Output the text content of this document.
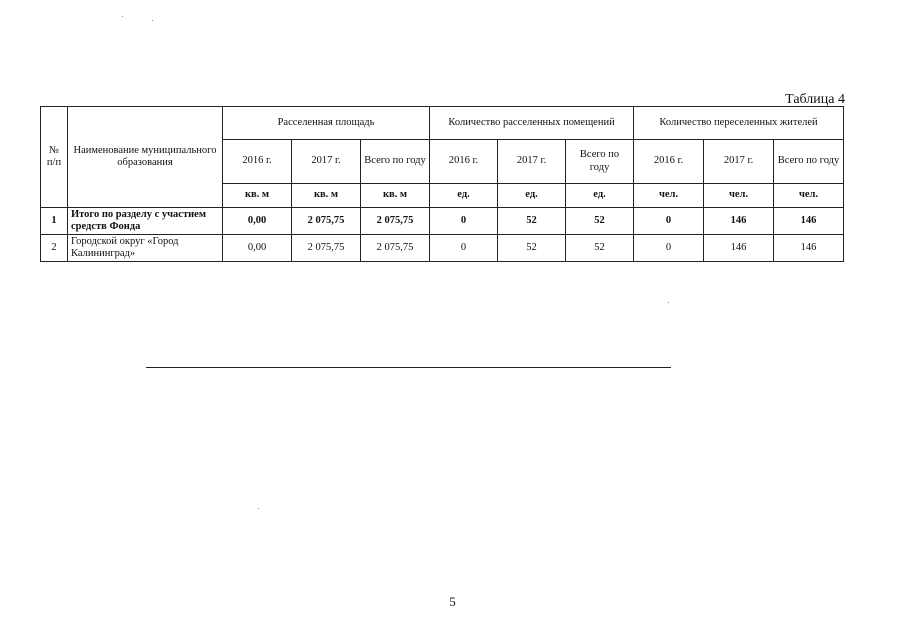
Таблица 4
№ п/п	Наименование муниципального образования	Расселенная площадь			Количество расселенных помещений			Количество переселенных жителей		
		2016 г.	2017 г.	Всего по году	2016 г.	2017 г.	Всего по году	2016 г.	2017 г.	Всего по году
		кв. м	кв. м	кв. м	ед.	ед.	ед.	чел.	чел.	чел.
1	Итого по разделу с участием средств Фонда	0,00	2 075,75	2 075,75	0	52	52	0	146	146
2	Городской округ «Город Калининград»	0,00	2 075,75	2 075,75	0	52	52	0	146	146
5
